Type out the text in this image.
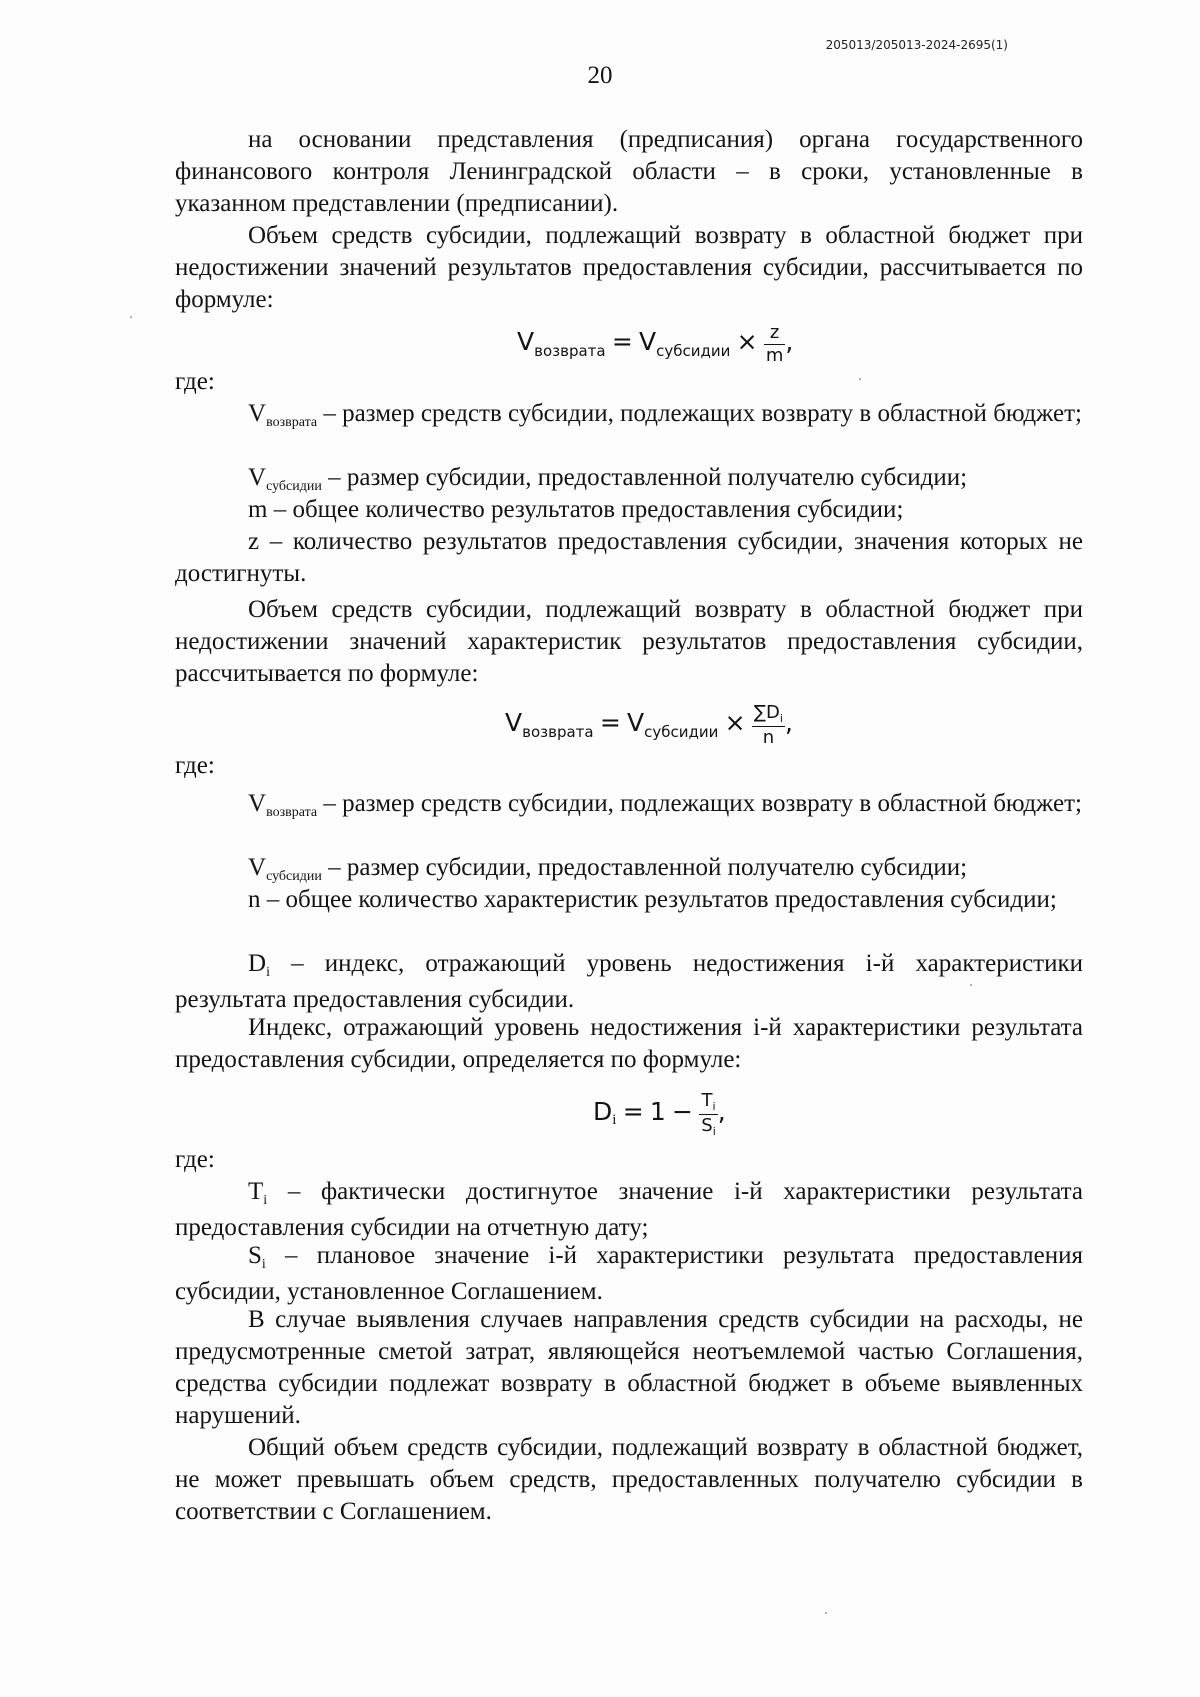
205013/205013-2024-2695(1)
20

на основании представления (предписания) органа государственного финансового контроля Ленинградской области – в сроки, установленные в указанном представлении (предписании).

Объем средств субсидии, подлежащий возврату в областной бюджет при недостижении значений результатов предоставления субсидии, рассчитывается по формуле:

$V_{возврата} = V_{субсидии} \times \frac{z}{m}$ ,

где:

$V_{возврата}$ – размер средств субсидии, подлежащих возврату в областной бюджет;

$V_{субсидии}$ – размер субсидии, предоставленной получателю субсидии;

m – общее количество результатов предоставления субсидии;

z – количество результатов предоставления субсидии, значения которых не достигнуты.

Объем средств субсидии, подлежащий возврату в областной бюджет при недостижении значений характеристик результатов предоставления субсидии, рассчитывается по формуле:

$V_{возврата} = V_{субсидии} \times \frac{\sum D_i}{n}$ ,

где:

$V_{возврата}$ – размер средств субсидии, подлежащих возврату в областной бюджет;

$V_{субсидии}$ – размер субсидии, предоставленной получателю субсидии;

n – общее количество характеристик результатов предоставления субсидии;

$D_i$ – индекс, отражающий уровень недостижения i-й характеристики результата предоставления субсидии.

Индекс, отражающий уровень недостижения i-й характеристики результата предоставления субсидии, определяется по формуле:

$Di = 1 - \frac{T_i}{S_i}$ ,

где:

$T_i$ – фактически достигнутое значение i-й характеристики результата предоставления субсидии на отчетную дату;

$S_i$ – плановое значение i-й характеристики результата предоставления субсидии, установленное Соглашением.

В случае выявления случаев направления средств субсидии на расходы, не предусмотренные сметой затрат, являющейся неотъемлемой частью Соглашения, средства субсидии подлежат возврату в областной бюджет в объеме выявленных нарушений.

Общий объем средств субсидии, подлежащий возврату в областной бюджет, не может превышать объем средств, предоставленных получателю субсидии в соответствии с Соглашением.
